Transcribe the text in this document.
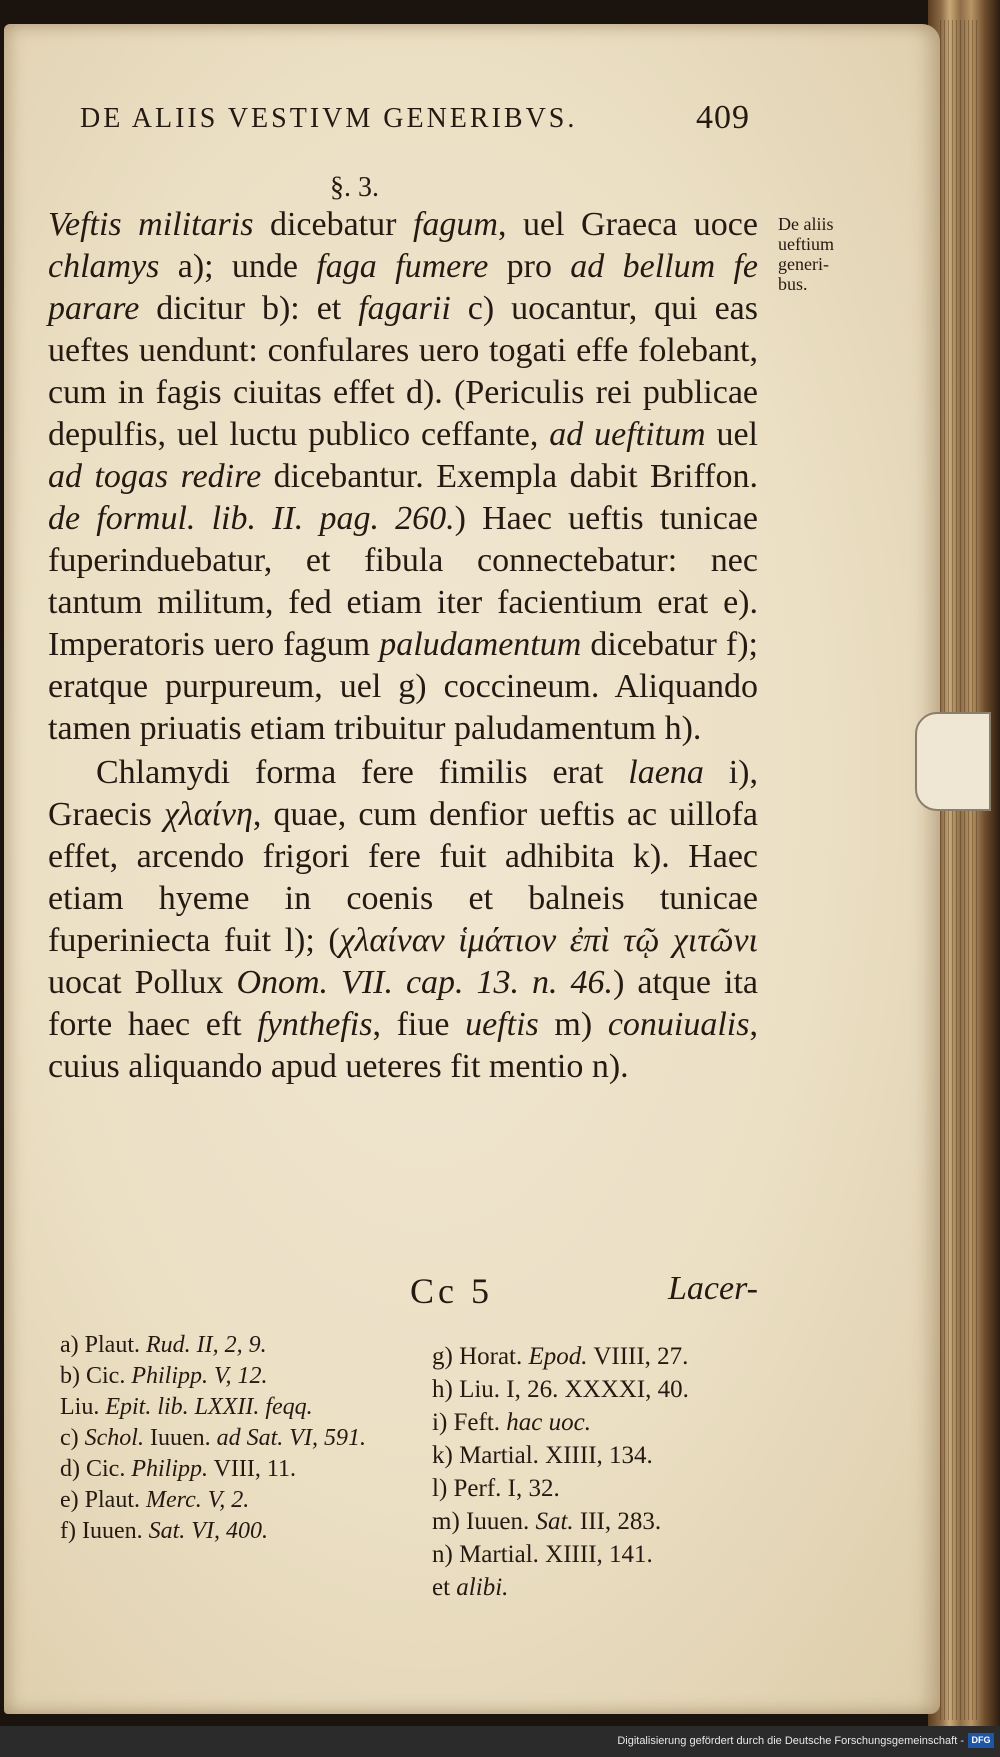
DE ALIIS VESTIVM GENERIBVS.	409
§. 3.
De aliis
ueftium
generi-
bus.

Veftis militaris dicebatur fagum, uel Graeca uoce chlamys a); unde faga fumere pro ad bellum fe parare dicitur b): et fagarii c) uocantur, qui eas ueftes uendunt: confulares uero togati effe folebant, cum in fagis ciuitas effet d). (Periculis rei publicae depulfis, uel luctu publico ceffante, ad ueftitum uel ad togas redire dicebantur. Exempla dabit Briffon. de formul. lib. II. pag. 260.) Haec ueftis tunicae fuperinduebatur, et fibula connectebatur: nec tantum militum, fed etiam iter facientium erat e). Imperatoris uero fagum paludamentum dicebatur f); eratque purpureum, uel g) coccineum. Aliquando tamen priuatis etiam tribuitur paludamentum h).

Chlamydi forma fere fimilis erat laena i), Graecis χλαίνη, quae, cum denfior ueftis ac uillofa effet, arcendo frigori fere fuit adhibita k). Haec etiam hyeme in coenis et balneis tunicae fuperiniecta fuit l); (χλαίναν ἱμάτιον ἐπὶ τῷ χιτῶνι uocat Pollux Onom. VII. cap. 13. n. 46.) atque ita forte haec eft fynthefis, fiue ueftis m) conuiualis, cuius aliquando apud ueteres fit mentio n).

Cc 5	Lacer-

a) Plaut. Rud. II, 2, 9.

b) Cic. Philipp. V, 12.

Liu. Epit. lib. LXXII. feqq.

c) Schol. Iuuen. ad Sat. VI, 591.

d) Cic. Philipp. VIII, 11.

e) Plaut. Merc. V, 2.

f) Iuuen. Sat. VI, 400.

g) Horat. Epod. VIIII, 27.

h) Liu. I, 26. XXXXI, 40.

i) Feft. hac uoc.

k) Martial. XIIII, 134.

l) Perf. I, 32.

m) Iuuen. Sat. III, 283.

n) Martial. XIIII, 141.

et alibi.

Digitalisierung gefördert durch die Deutsche Forschungsgemeinschaft - DFG
